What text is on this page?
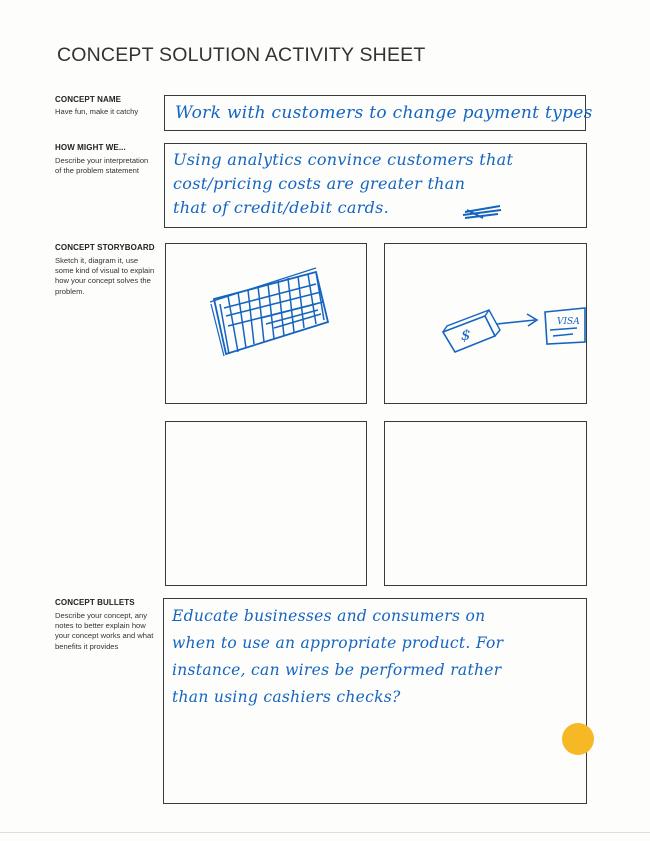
CONCEPT SOLUTION ACTIVITY SHEET
CONCEPT NAME
Have fun, make it catchy	Work with customers to change payment types
HOW MIGHT WE...
Describe your interpretation of the problem statement
Using analytics convince customers that
cost/pricing costs are greater than
that of credit/debit cards.
CONCEPT STORYBOARD
Sketch it, diagram it, use some kind of visual to explain how your concept solves the problem.
$
VISA
CONCEPT BULLETS
Describe your concept, any notes to better explain how your concept works and what benefits it provides
Educate businesses and consumers on
when to use an appropriate product. For
instance, can wires be performed rather
than using cashiers checks?
